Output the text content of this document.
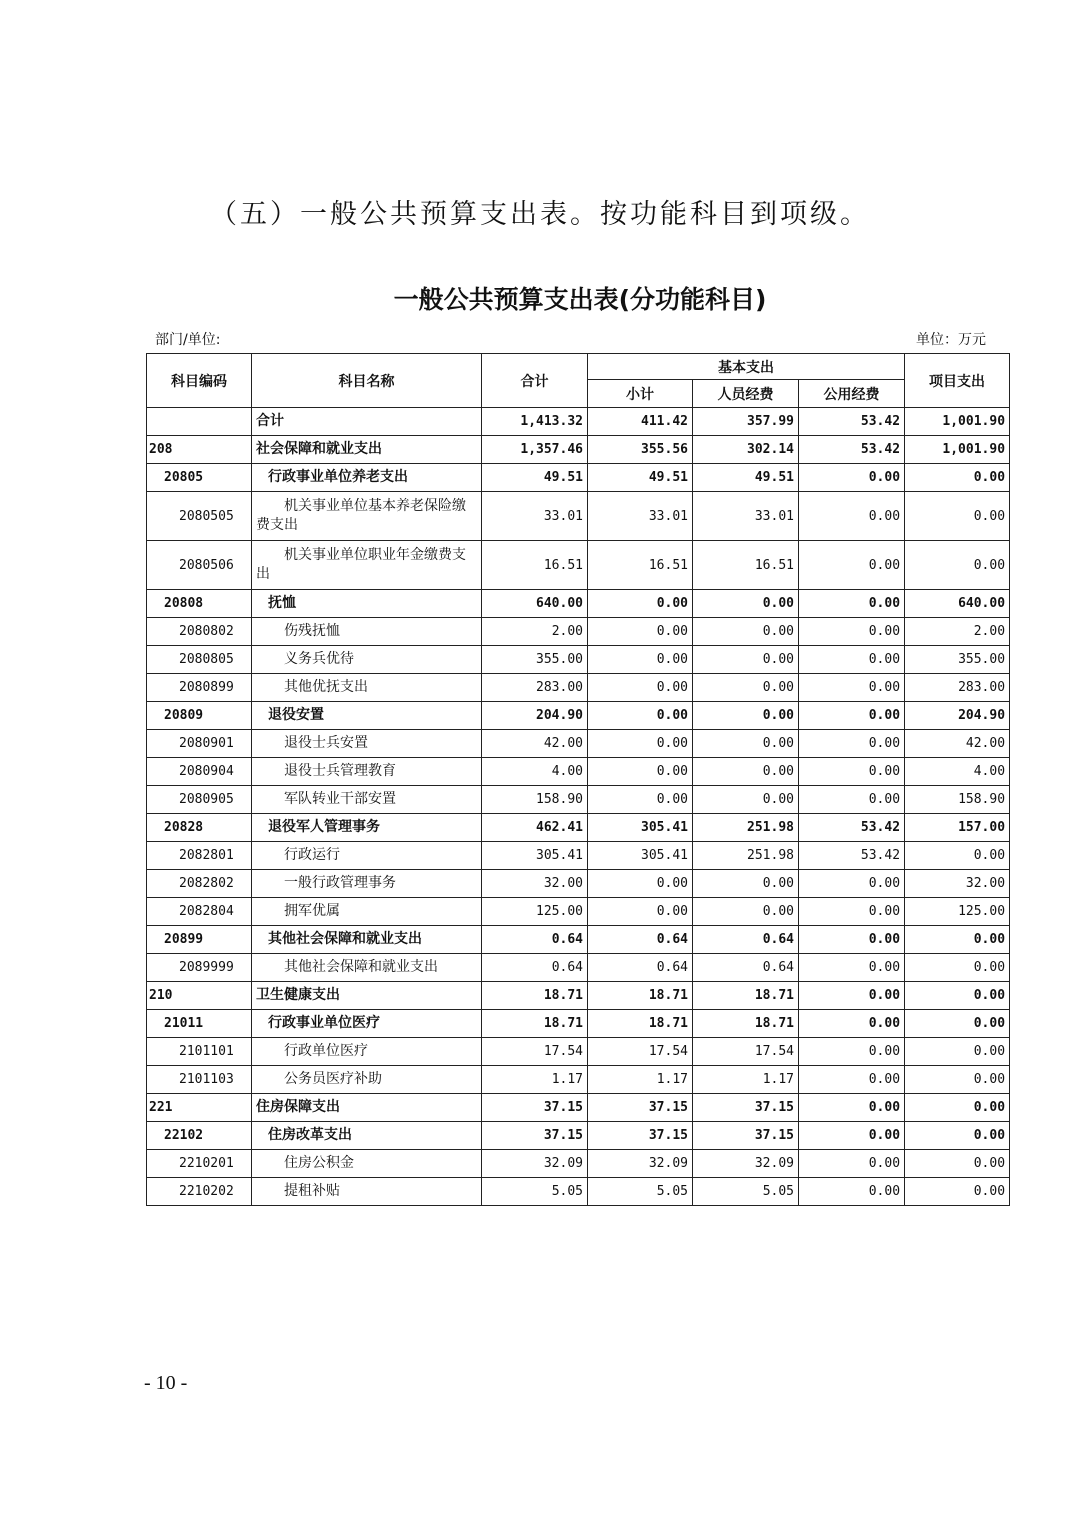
（五）一般公共预算支出表。按功能科目到项级。
一般公共预算支出表(分功能科目)
部门/单位:	单位：万元
科目编码	科目名称	合计	基本支出			项目支出
			小计	人员经费	公用经费	
	合计	1,413.32	411.42	357.99	53.42	1,001.90
208	社会保障和就业支出	1,357.46	355.56	302.14	53.42	1,001.90
20805	行政事业单位养老支出	49.51	49.51	49.51	0.00	0.00
2080505	机关事业单位基本养老保险缴费支出	33.01	33.01	33.01	0.00	0.00
2080506	机关事业单位职业年金缴费支出	16.51	16.51	16.51	0.00	0.00
20808	抚恤	640.00	0.00	0.00	0.00	640.00
2080802	伤残抚恤	2.00	0.00	0.00	0.00	2.00
2080805	义务兵优待	355.00	0.00	0.00	0.00	355.00
2080899	其他优抚支出	283.00	0.00	0.00	0.00	283.00
20809	退役安置	204.90	0.00	0.00	0.00	204.90
2080901	退役士兵安置	42.00	0.00	0.00	0.00	42.00
2080904	退役士兵管理教育	4.00	0.00	0.00	0.00	4.00
2080905	军队转业干部安置	158.90	0.00	0.00	0.00	158.90
20828	退役军人管理事务	462.41	305.41	251.98	53.42	157.00
2082801	行政运行	305.41	305.41	251.98	53.42	0.00
2082802	一般行政管理事务	32.00	0.00	0.00	0.00	32.00
2082804	拥军优属	125.00	0.00	0.00	0.00	125.00
20899	其他社会保障和就业支出	0.64	0.64	0.64	0.00	0.00
2089999	其他社会保障和就业支出	0.64	0.64	0.64	0.00	0.00
210	卫生健康支出	18.71	18.71	18.71	0.00	0.00
21011	行政事业单位医疗	18.71	18.71	18.71	0.00	0.00
2101101	行政单位医疗	17.54	17.54	17.54	0.00	0.00
2101103	公务员医疗补助	1.17	1.17	1.17	0.00	0.00
221	住房保障支出	37.15	37.15	37.15	0.00	0.00
22102	住房改革支出	37.15	37.15	37.15	0.00	0.00
2210201	住房公积金	32.09	32.09	32.09	0.00	0.00
2210202	提租补贴	5.05	5.05	5.05	0.00	0.00
- 10 -
